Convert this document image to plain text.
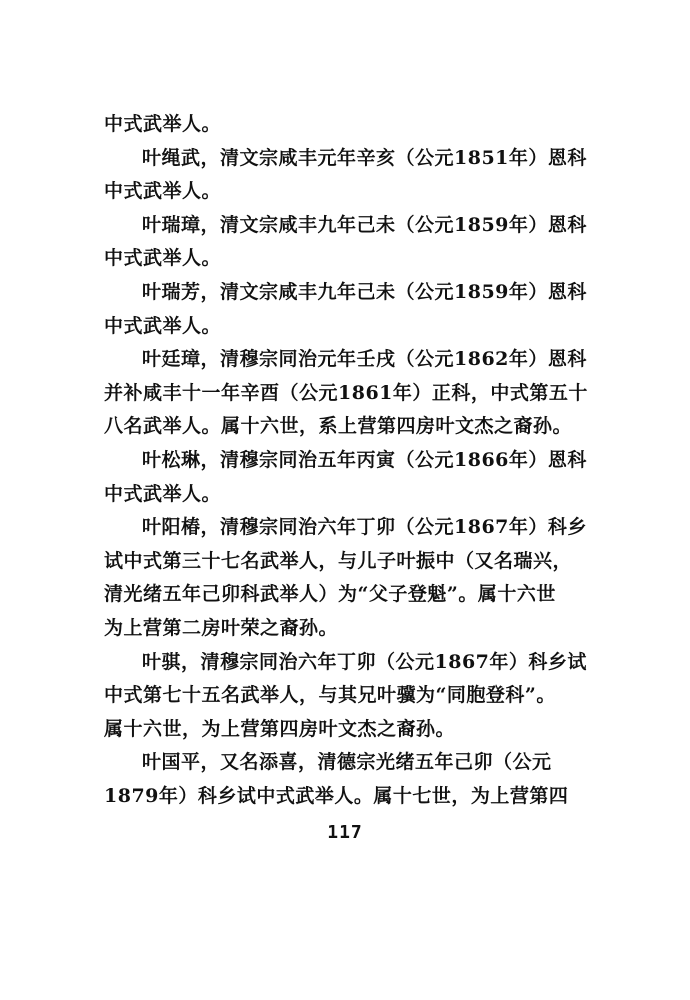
中式武举人。
叶绳武，清文宗咸丰元年辛亥（公元1851年）恩科
中式武举人。
叶瑞璋，清文宗咸丰九年己未（公元1859年）恩科
中式武举人。
叶瑞芳，清文宗咸丰九年己未（公元1859年）恩科
中式武举人。
叶廷璋，清穆宗同治元年壬戌（公元1862年）恩科
并补咸丰十一年辛酉（公元1861年）正科，中式第五十
八名武举人。属十六世，系上营第四房叶文杰之裔孙。
叶松琳，清穆宗同治五年丙寅（公元1866年）恩科
中式武举人。
叶阳椿，清穆宗同治六年丁卯（公元1867年）科乡
试中式第三十七名武举人，与儿子叶振中（又名瑞兴，
清光绪五年己卯科武举人）为“父子登魁”。属十六世
为上营第二房叶荣之裔孙。
叶骐，清穆宗同治六年丁卯（公元1867年）科乡试
中式第七十五名武举人，与其兄叶骥为“同胞登科”。
属十六世，为上营第四房叶文杰之裔孙。
叶国平，又名添喜，清德宗光绪五年己卯（公元
1879年）科乡试中式武举人。属十七世，为上营第四
117
